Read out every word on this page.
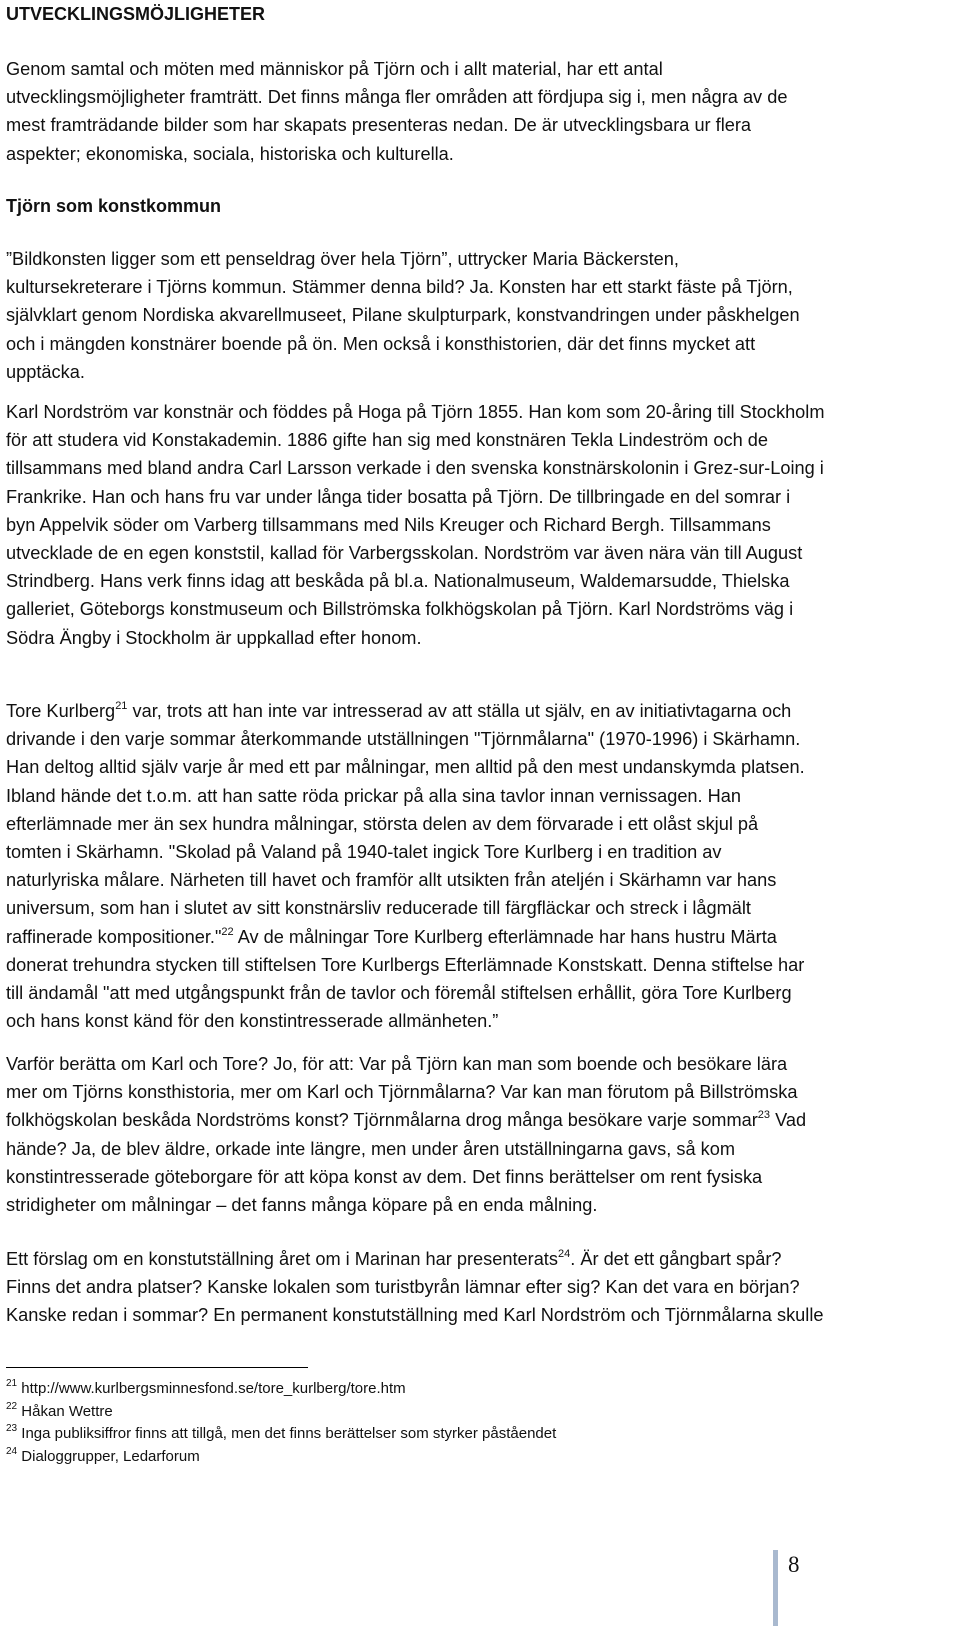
UTVECKLINGSMÖJLIGHETER
Genom samtal och möten med människor på Tjörn och i allt material, har ett antal
utvecklingsmöjligheter framträtt. Det finns många fler områden att fördjupa sig i, men några av de
mest framträdande bilder som har skapats presenteras nedan. De är utvecklingsbara ur flera
aspekter; ekonomiska, sociala, historiska och kulturella.
Tjörn som konstkommun
”Bildkonsten ligger som ett penseldrag över hela Tjörn”, uttrycker Maria Bäckersten,
kultursekreterare i Tjörns kommun. Stämmer denna bild? Ja. Konsten har ett starkt fäste på Tjörn,
självklart genom Nordiska akvarellmuseet, Pilane skulpturpark, konstvandringen under påskhelgen
och i mängden konstnärer boende på ön. Men också i konsthistorien, där det finns mycket att
upptäcka.
Karl Nordström var konstnär och föddes på Hoga på Tjörn 1855. Han kom som 20-åring till Stockholm
för att studera vid Konstakademin. 1886 gifte han sig med konstnären Tekla Lindeström och de
tillsammans med bland andra Carl Larsson verkade i den svenska konstnärskolonin i Grez-sur-Loing i
Frankrike. Han och hans fru var under långa tider bosatta på Tjörn. De tillbringade en del somrar i
byn Appelvik söder om Varberg tillsammans med Nils Kreuger och Richard Bergh. Tillsammans
utvecklade de en egen konststil, kallad för Varbergsskolan. Nordström var även nära vän till August
Strindberg. Hans verk finns idag att beskåda på bl.a. Nationalmuseum, Waldemarsudde, Thielska
galleriet, Göteborgs konstmuseum och Billströmska folkhögskolan på Tjörn. Karl Nordströms väg i
Södra Ängby i Stockholm är uppkallad efter honom.
Tore Kurlberg$^{21}$ var, trots att han inte var intresserad av att ställa ut själv, en av initiativtagarna och
drivande i den varje sommar återkommande utställningen "Tjörnmålarna" (1970-1996) i Skärhamn.
Han deltog alltid själv varje år med ett par målningar, men alltid på den mest undanskymda platsen.
Ibland hände det t.o.m. att han satte röda prickar på alla sina tavlor innan vernissagen. Han
efterlämnade mer än sex hundra målningar, största delen av dem förvarade i ett olåst skjul på
tomten i Skärhamn. "Skolad på Valand på 1940-talet ingick Tore Kurlberg i en tradition av
naturlyriska målare. Närheten till havet och framför allt utsikten från ateljén i Skärhamn var hans
universum, som han i slutet av sitt konstnärsliv reducerade till färgfläckar och streck i lågmält
raffinerade kompositioner."$^{22}$ Av de målningar Tore Kurlberg efterlämnade har hans hustru Märta
donerat trehundra stycken till stiftelsen Tore Kurlbergs Efterlämnade Konstskatt. Denna stiftelse har
till ändamål "att med utgångspunkt från de tavlor och föremål stiftelsen erhållit, göra Tore Kurlberg
och hans konst känd för den konstintresserade allmänheten.”
Varför berätta om Karl och Tore? Jo, för att: Var på Tjörn kan man som boende och besökare lära
mer om Tjörns konsthistoria, mer om Karl och Tjörnmålarna? Var kan man förutom på Billströmska
folkhögskolan beskåda Nordströms konst? Tjörnmålarna drog många besökare varje sommar$^{23}$ Vad
hände? Ja, de blev äldre, orkade inte längre, men under åren utställningarna gavs, så kom
konstintresserade göteborgare för att köpa konst av dem. Det finns berättelser om rent fysiska
stridigheter om målningar – det fanns många köpare på en enda målning.
Ett förslag om en konstutställning året om i Marinan har presenterats$^{24}$. Är det ett gångbart spår?
Finns det andra platser? Kanske lokalen som turistbyrån lämnar efter sig? Kan det vara en början?
Kanske redan i sommar? En permanent konstutställning med Karl Nordström och Tjörnmålarna skulle
$^{21}$ http://www.kurlbergsminnesfond.se/tore_kurlberg/tore.htm
$^{22}$ Håkan Wettre
$^{23}$ Inga publiksiffror finns att tillgå, men det finns berättelser som styrker påståendet
$^{24}$ Dialoggrupper, Ledarforum
8
